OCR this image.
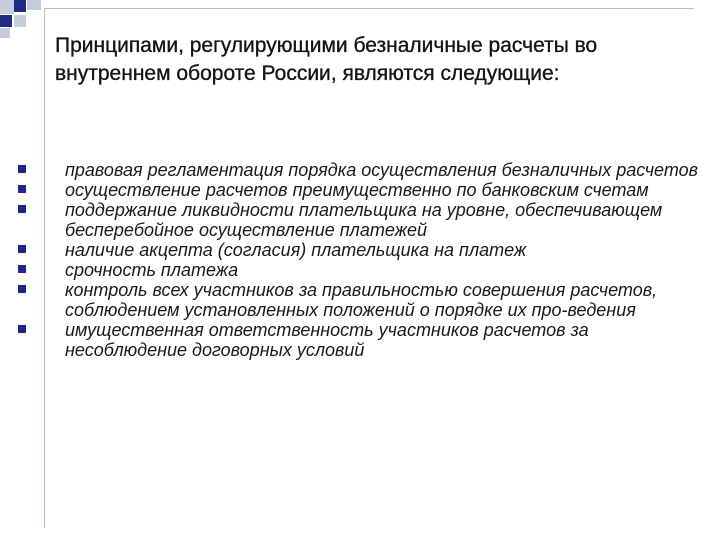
Принципами, регулирующими безналичные расчеты во внутреннем обороте России, являются следующие:
правовая регламентация порядка осуществления безналичных расчетов
осуществление расчетов преимущественно по банковским счетам
поддержание ликвидности плательщика на уровне, обеспечивающем бесперебойное осуществление платежей
наличие акцепта (согласия) плательщика на платеж
срочность платежа
контроль всех участников за правильностью совершения расчетов, соблюдением установленных положений о порядке их про-ведения
имущественная ответственность участников расчетов за несоблюдение договорных условий
